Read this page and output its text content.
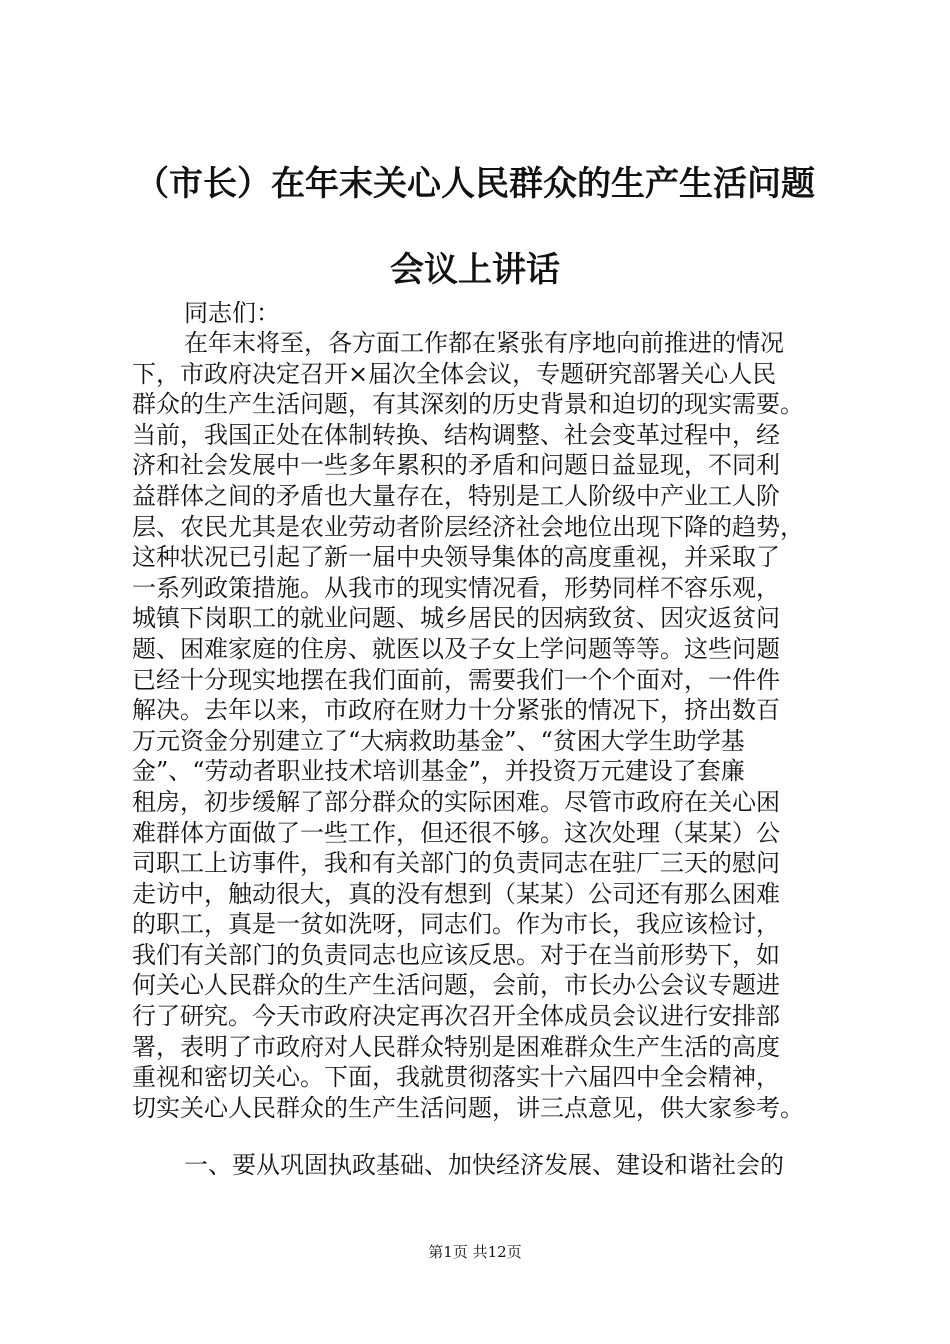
（市长）在年末关心人民群众的生产生活问题
会议上讲话

同志们：

在年末将至，各方面工作都在紧张有序地向前推进的情况
下，市政府决定召开×届次全体会议，专题研究部署关心人民
群众的生产生活问题，有其深刻的历史背景和迫切的现实需要。
当前，我国正处在体制转换、结构调整、社会变革过程中，经
济和社会发展中一些多年累积的矛盾和问题日益显现，不同利
益群体之间的矛盾也大量存在，特别是工人阶级中产业工人阶
层、农民尤其是农业劳动者阶层经济社会地位出现下降的趋势，
这种状况已引起了新一届中央领导集体的高度重视，并采取了
一系列政策措施。从我市的现实情况看，形势同样不容乐观，
城镇下岗职工的就业问题、城乡居民的因病致贫、因灾返贫问
题、困难家庭的住房、就医以及子女上学问题等等。这些问题
已经十分现实地摆在我们面前，需要我们一个个面对，一件件
解决。去年以来，市政府在财力十分紧张的情况下，挤出数百
万元资金分别建立了“大病救助基金”、“贫困大学生助学基
金”、“劳动者职业技术培训基金”，并投资万元建设了套廉
租房，初步缓解了部分群众的实际困难。尽管市政府在关心困
难群体方面做了一些工作，但还很不够。这次处理（某某）公
司职工上访事件，我和有关部门的负责同志在驻厂三天的慰问
走访中，触动很大，真的没有想到（某某）公司还有那么困难
的职工，真是一贫如洗呀，同志们。作为市长，我应该检讨，
我们有关部门的负责同志也应该反思。对于在当前形势下，如
何关心人民群众的生产生活问题，会前，市长办公会议专题进
行了研究。今天市政府决定再次召开全体成员会议进行安排部
署，表明了市政府对人民群众特别是困难群众生产生活的高度
重视和密切关心。下面，我就贯彻落实十六届四中全会精神，
切实关心人民群众的生产生活问题，讲三点意见，供大家参考。

一、要从巩固执政基础、加快经济发展、建设和谐社会的

第1页 共12页
